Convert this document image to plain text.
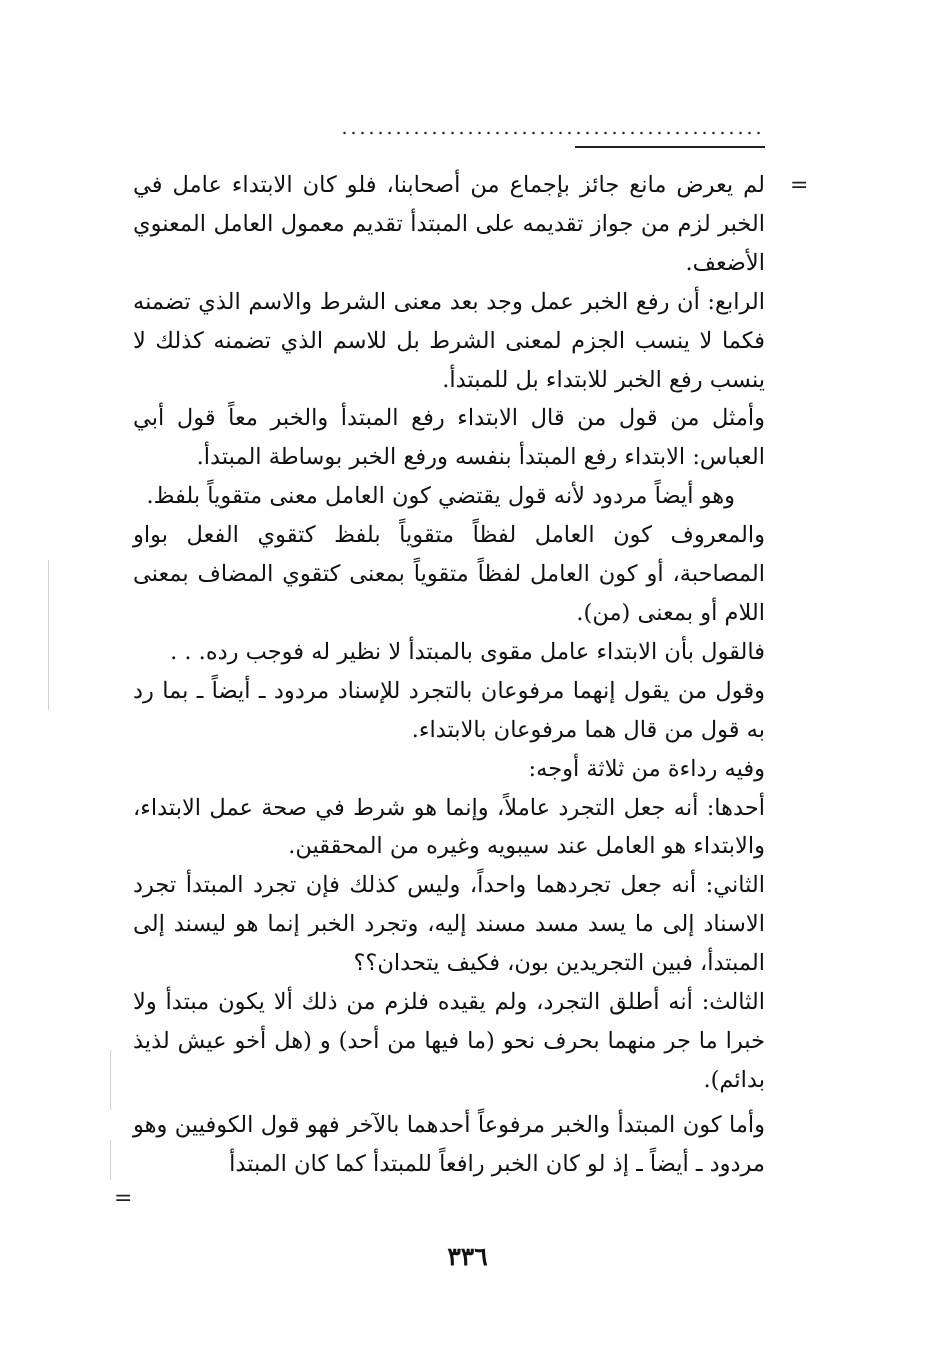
=

لم يعرض مانع جائز بإجماع من أصحابنا، فلو كان الابتداء عامل في الخبر لزم من جواز تقديمه على المبتدأ تقديم معمول العامل المعنوي الأضعف.

الرابع: أن رفع الخبر عمل وجد بعد معنى الشرط والاسم الذي تضمنه فكما لا ينسب الجزم لمعنى الشرط بل للاسم الذي تضمنه كذلك لا ينسب رفع الخبر للابتداء بل للمبتدأ.

وأمثل من قول من قال الابتداء رفع المبتدأ والخبر معاً قول أبي العباس: الابتداء رفع المبتدأ بنفسه ورفع الخبر بوساطة المبتدأ.

وهو أيضاً مردود لأنه قول يقتضي كون العامل معنى متقوياً بلفظ.

والمعروف كون العامل لفظاً متقوياً بلفظ كتقوي الفعل بواو المصاحبة، أو كون العامل لفظاً متقوياً بمعنى كتقوي المضاف بمعنى اللام أو بمعنى (من).

فالقول بأن الابتداء عامل مقوى بالمبتدأ لا نظير له فوجب رده. . .

وقول من يقول إنهما مرفوعان بالتجرد للإسناد مردود ـ أيضاً ـ بما رد به قول من قال هما مرفوعان بالابتداء.

وفيه رداءة من ثلاثة أوجه:

أحدها: أنه جعل التجرد عاملاً، وإنما هو شرط في صحة عمل الابتداء، والابتداء هو العامل عند سيبويه وغيره من المحققين.

الثاني: أنه جعل تجردهما واحداً، وليس كذلك فإن تجرد المبتدأ تجرد الاسناد إلى ما يسد مسد مسند إليه، وتجرد الخبر إنما هو ليسند إلى المبتدأ، فبين التجريدين بون، فكيف يتحدان؟؟

الثالث: أنه أطلق التجرد، ولم يقيده فلزم من ذلك ألا يكون مبتدأ ولا خبرا ما جر منهما بحرف نحو (ما فيها من أحد) و (هل أخو عيش لذيذ بدائم).

وأما كون المبتدأ والخبر مرفوعاً أحدهما بالآخر فهو قول الكوفيين وهو مردود ـ أيضاً ـ إذ لو كان الخبر رافعاً للمبتدأ كما كان المبتدأ

=
٣٣٦
